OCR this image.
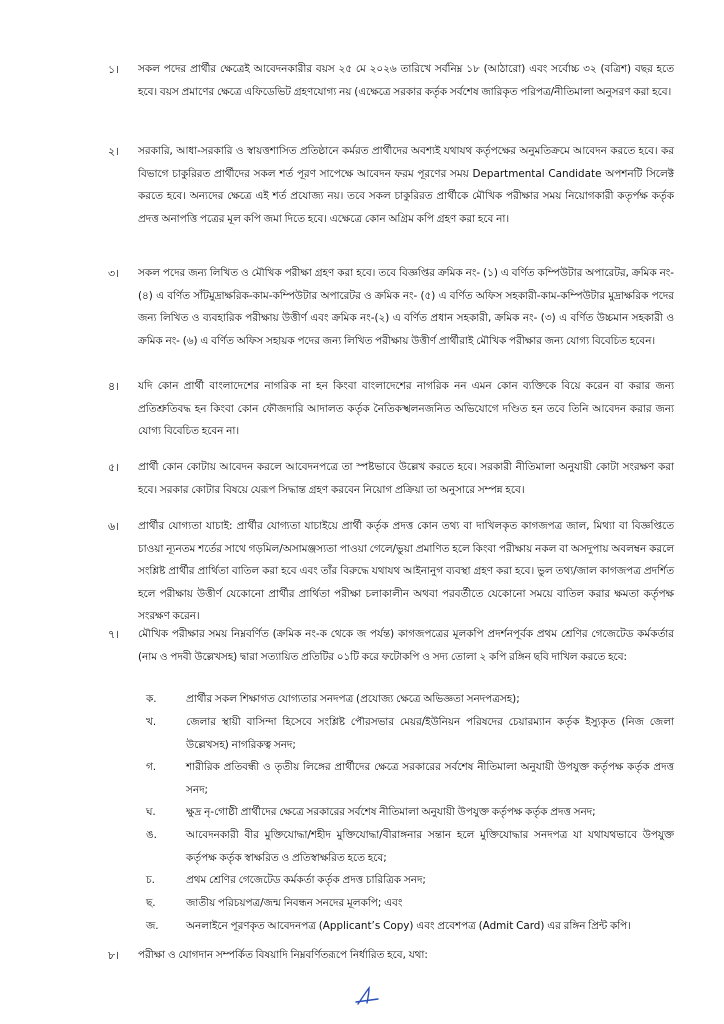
১।	সকল পদের প্রার্থীর ক্ষেত্রেই আবেদনকারীর বয়স ২৫ মে ২০২৬ তারিখে সর্বনিম্ন ১৮ (আঠারো) এবং সর্বোচ্চ ৩২ (বত্রিশ) বছর হতে হবে। বয়স প্রমাণের ক্ষেত্রে এফিডেভিট গ্রহণযোগ্য নয় (এক্ষেত্রে সরকার কর্তৃক সর্বশেষ জারিকৃত পরিপত্র/নীতিমালা অনুসরণ করা হবে।
২।	সরকারি, আধা-সরকারি ও স্বায়ত্তশাসিত প্রতিষ্ঠানে কর্মরত প্রার্থীদের অবশ্যই যথাযথ কর্তৃপক্ষের অনুমতিক্রমে আবেদন করতে হবে। কর বিভাগে চাকুরিরত প্রার্থীদের সকল শর্ত পূরণ সাপেক্ষে আবেদন ফরম পূরণের সময় Departmental Candidate অপশনটি সিলেক্ট করতে হবে। অন্যদের ক্ষেত্রে এই শর্ত প্রযোজ্য নয়। তবে সকল চাকুরিরত প্রার্থীকে মৌখিক পরীক্ষার সময় নিয়োগকারী কতৃর্পক্ষ কর্তৃক প্রদত্ত অনাপত্তি পত্রের মূল কপি জমা দিতে হবে। এক্ষেত্রে কোন অগ্রিম কপি গ্রহণ করা হবে না।
৩।	সকল পদের জন্য লিখিত ও মৌখিক পরীক্ষা গ্রহণ করা হবে। তবে বিজ্ঞপ্তির ক্রমিক নং- (১) এ বর্ণিত কম্পিউটার অপারেটর, ক্রমিক নং- (৪) এ বর্ণিত সাঁটমুদ্রাক্ষরিক-কাম-কম্পিউটার অপারেটর ও ক্রমিক নং- (৫) এ বর্ণিত অফিস সহকারী-কাম-কম্পিউটার মুদ্রাক্ষরিক পদের জন্য লিখিত ও ব্যবহারিক পরীক্ষায় উত্তীর্ণ এবং ক্রমিক নং-(২) এ বর্ণিত প্রধান সহকারী, ক্রমিক নং- (৩) এ বর্ণিত উচ্চমান সহকারী ও ক্রমিক নং- (৬) এ বর্ণিত অফিস সহায়ক পদের জন্য লিখিত পরীক্ষায় উত্তীর্ণ প্রার্থীরাই মৌখিক পরীক্ষার জন্য যোগ্য বিবেচিত হবেন।
৪।	যদি কোন প্রার্থী বাংলাদেশের নাগরিক না হন কিংবা বাংলাদেশের নাগরিক নন এমন কোন ব্যক্তিকে বিয়ে করেন বা করার জন্য প্রতিশ্রুতিবদ্ধ হন কিংবা কোন ফৌজদারি আদালত কর্তৃক নৈতিকস্খলনজনিত অভিযোগে দণ্ডিত হন তবে তিনি আবেদন করার জন্য যোগ্য বিবেচিত হবেন না।
৫।	প্রার্থী কোন কোটায় আবেদন করলে আবেদনপত্রে তা স্পষ্টভাবে উল্লেখ করতে হবে। সরকারী নীতিমালা অনুযায়ী কোটা সংরক্ষণ করা হবে। সরকার কোটার বিষয়ে যেরূপ সিদ্ধান্ত গ্রহণ করবেন নিয়োগ প্রক্রিয়া তা অনুসারে সম্পন্ন হবে।
৬।	প্রার্থীর যোগ্যতা যাচাই: প্রার্থীর যোগ্যতা যাচাইয়ে প্রার্থী কর্তৃক প্রদত্ত কোন তথ্য বা দাখিলকৃত কাগজপত্র জাল, মিথ্যা বা বিজ্ঞপ্তিতে চাওয়া ন্যূনতম শর্তের সাথে গড়মিল/অসামঞ্জস্যতা পাওয়া গেলে/ভুয়া প্রমাণিত হলে কিংবা পরীক্ষায় নকল বা অসদুপায় অবলম্বন করলে সংশ্লিষ্ট প্রার্থীর প্রার্থিতা বাতিল করা হবে এবং তাঁর বিরুদ্ধে যথাযথ আইনানুগ ব্যবস্থা গ্রহণ করা হবে। ভুল তথ্য/জাল কাগজপত্র প্রদর্শিত হলে পরীক্ষায় উত্তীর্ণ যেকোনো প্রার্থীর প্রার্থিতা পরীক্ষা চলাকালীন অথবা পরবর্তীতে যেকোনো সময়ে বাতিল করার ক্ষমতা কর্তৃপক্ষ সংরক্ষণ করেন।
৭।	মৌখিক পরীক্ষার সময় নিম্নবর্ণিত (ক্রমিক নং-ক থেকে জ পর্যন্ত) কাগজপত্রের মূলকপি প্রদর্শনপূর্বক প্রথম শ্রেণির গেজেটেড কর্মকর্তার (নাম ও পদবী উল্লেখসহ) দ্বারা সত্যায়িত প্রতিটির ০১টি করে ফটোকপি ও সদ্য তোলা ২ কপি রঙ্গিন ছবি দাখিল করতে হবে:
ক.	প্রার্থীর সকল শিক্ষাগত যোগ্যতার সনদপত্র (প্রযোজ্য ক্ষেত্রে অভিজ্ঞতা সনদপত্রসহ);
খ.	জেলার স্থায়ী বাসিন্দা হিসেবে সংশ্লিষ্ট পৌরসভার মেয়র/ইউনিয়ন পরিষদের চেয়ারম্যান কর্তৃক ইস্যুকৃত (নিজ জেলা উল্লেখসহ) নাগরিকত্ব সনদ;
গ.	শারীরিক প্রতিবন্ধী ও তৃতীয় লিঙ্গের প্রার্থীদের ক্ষেত্রে সরকারের সর্বশেষ নীতিমালা অনুযায়ী উপযুক্ত কর্তৃপক্ষ কর্তৃক প্রদত্ত সনদ;
ঘ.	ক্ষুদ্র নৃ-গোষ্ঠী প্রার্থীদের ক্ষেত্রে সরকারের সর্বশেষ নীতিমালা অনুযায়ী উপযুক্ত কর্তৃপক্ষ কর্তৃক প্রদত্ত সনদ;
ঙ.	আবেদনকারী বীর মুক্তিযোদ্ধা/শহীদ মুক্তিযোদ্ধা/বীরাঙ্গনার সন্তান হলে মুক্তিযোদ্ধার সনদপত্র যা যথাযথভাবে উপযুক্ত কর্তৃপক্ষ কর্তৃক স্বাক্ষরিত ও প্রতিস্বাক্ষরিত হতে হবে;
চ.	প্রথম শ্রেণির গেজেটেড কর্মকর্তা কর্তৃক প্রদত্ত চারিত্রিক সনদ;
ছ.	জাতীয় পরিচয়পত্র/জন্ম নিবন্ধন সনদের মূলকপি; এবং
জ.	অনলাইনে পূরণকৃত আবেদনপত্র (Applicant’s Copy) এবং প্রবেশপত্র (Admit Card) এর রঙ্গিন প্রিন্ট কপি।
৮।	পরীক্ষা ও যোগদান সম্পর্কিত বিষয়াদি নিম্নবর্ণিতরূপে নির্ধারিত হবে, যথা:
